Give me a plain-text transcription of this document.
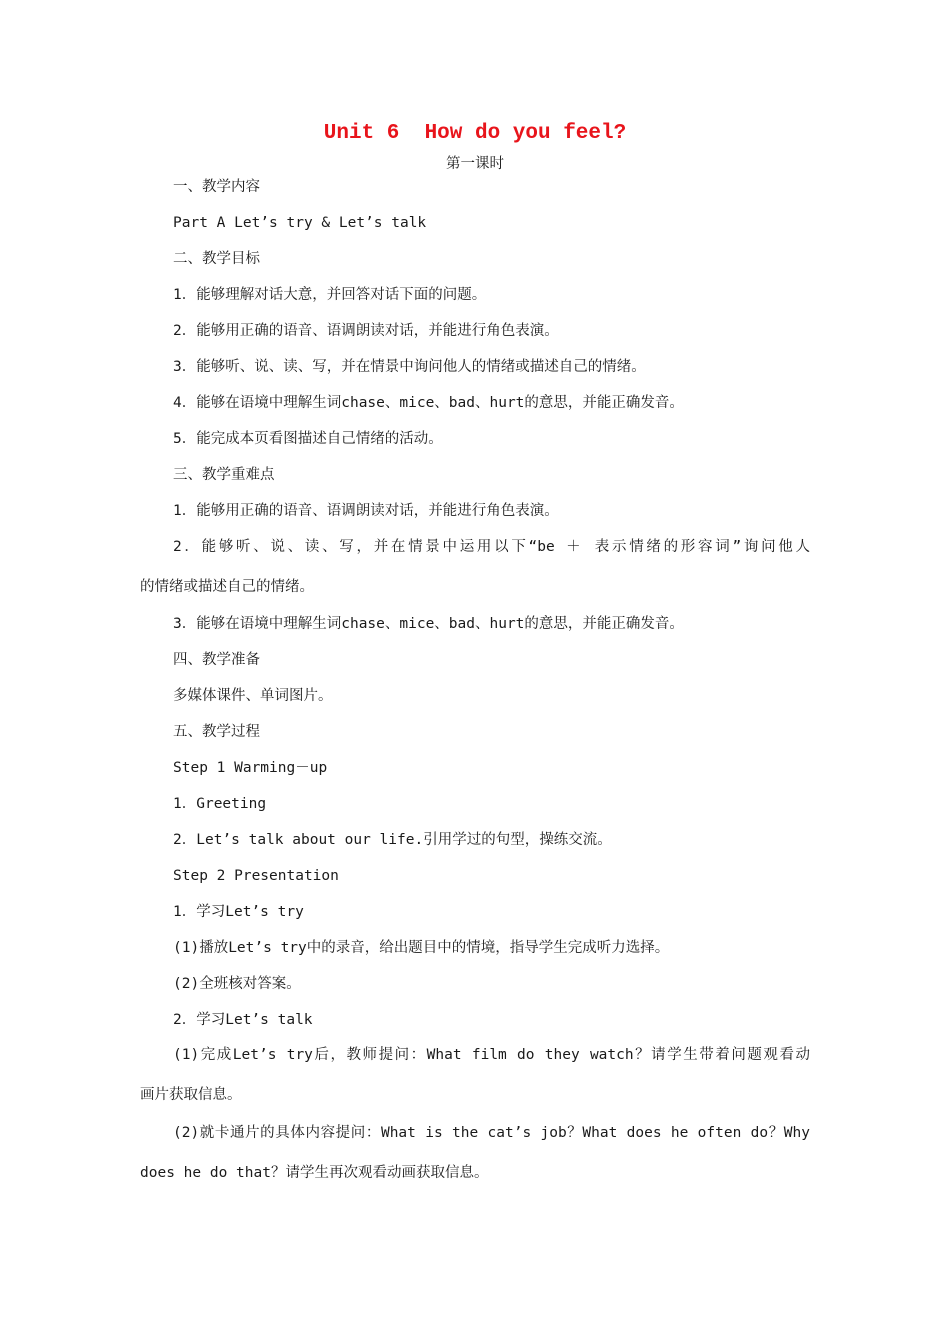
Unit 6  How do you feel?
第一课时
一、教学内容
Part A Let’s try & Let’s talk
二、教学目标
1．能够理解对话大意，并回答对话下面的问题。
2．能够用正确的语音、语调朗读对话，并能进行角色表演。
3．能够听、说、读、写，并在情景中询问他人的情绪或描述自己的情绪。
4．能够在语境中理解生词chase、mice、bad、hurt的意思，并能正确发音。
5．能完成本页看图描述自己情绪的活动。
三、教学重难点
1．能够用正确的语音、语调朗读对话，并能进行角色表演。
2．能够听、说、读、写，并在情景中运用以下“be ＋ 表示情绪的形容词”询问他人
的情绪或描述自己的情绪。
3．能够在语境中理解生词chase、mice、bad、hurt的意思，并能正确发音。
四、教学准备
多媒体课件、单词图片。
五、教学过程
Step 1 Warming－up
1．Greeting
2．Let’s talk about our life.引用学过的句型，操练交流。
Step 2 Presentation
1．学习Let’s try
(1)播放Let’s try中的录音，给出题目中的情境，指导学生完成听力选择。
(2)全班核对答案。
2．学习Let’s talk
(1)完成Let’s try后，教师提问：What film do they watch？请学生带着问题观看动
画片获取信息。
(2)就卡通片的具体内容提问：What is the cat’s job？What does he often do？Why
does he do that？请学生再次观看动画获取信息。
